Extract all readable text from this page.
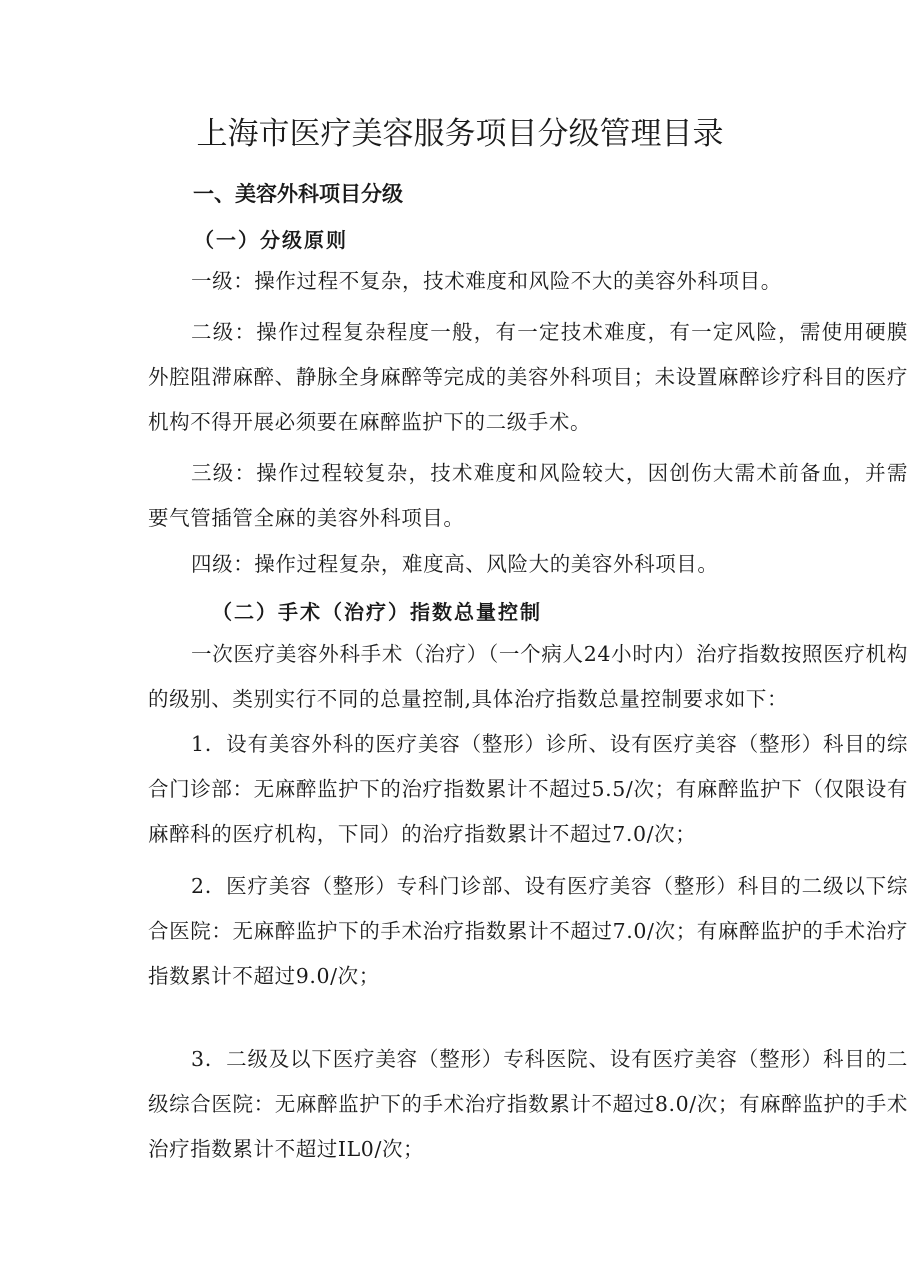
上海市医疗美容服务项目分级管理目录
一、美容外科项目分级
（一）分级原则

一级：操作过程不复杂，技术难度和风险不大的美容外科项目。

二级：操作过程复杂程度一般，有一定技术难度，有一定风险，需使用硬膜外腔阻滞麻醉、静脉全身麻醉等完成的美容外科项目；未设置麻醉诊疗科目的医疗机构不得开展必须要在麻醉监护下的二级手术。

三级：操作过程较复杂，技术难度和风险较大，因创伤大需术前备血，并需要气管插管全麻的美容外科项目。

四级：操作过程复杂，难度高、风险大的美容外科项目。

（二）手术（治疗）指数总量控制

一次医疗美容外科手术（治疗）（一个病人24小时内）治疗指数按照医疗机构的级别、类别实行不同的总量控制,具体治疗指数总量控制要求如下：

1．设有美容外科的医疗美容（整形）诊所、设有医疗美容（整形）科目的综合门诊部：无麻醉监护下的治疗指数累计不超过5.5/次；有麻醉监护下（仅限设有麻醉科的医疗机构，下同）的治疗指数累计不超过7.0/次；

2．医疗美容（整形）专科门诊部、设有医疗美容（整形）科目的二级以下综合医院：无麻醉监护下的手术治疗指数累计不超过7.0/次；有麻醉监护的手术治疗指数累计不超过9.0/次；

3．二级及以下医疗美容（整形）专科医院、设有医疗美容（整形）科目的二级综合医院：无麻醉监护下的手术治疗指数累计不超过8.0/次；有麻醉监护的手术治疗指数累计不超过IL0/次；
